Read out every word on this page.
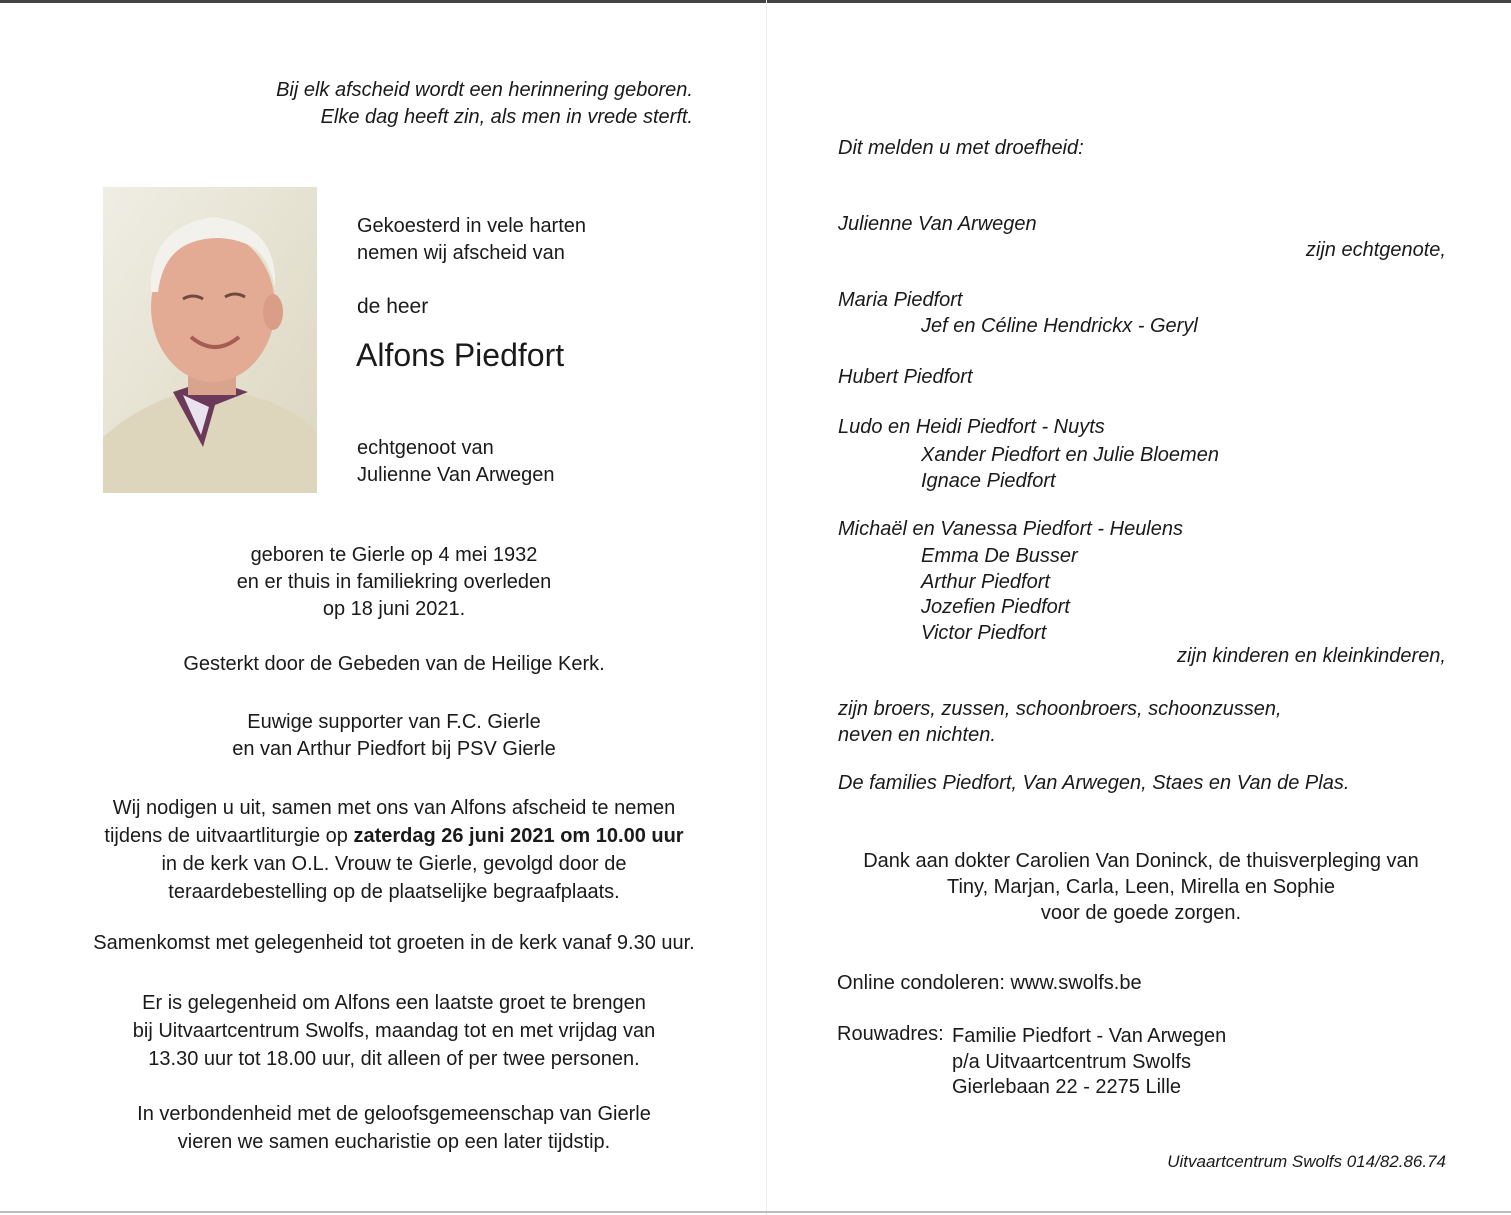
Bij elk afscheid wordt een herinnering geboren.
Elke dag heeft zin, als men in vrede sterft.
Gekoesterd in vele harten
nemen wij afscheid van
de heer
Alfons Piedfort
echtgenoot van
Julienne Van Arwegen
geboren te Gierle op 4 mei 1932
en er thuis in familiekring overleden
op 18 juni 2021.
Gesterkt door de Gebeden van de Heilige Kerk.
Euwige supporter van F.C. Gierle
en van Arthur Piedfort bij PSV Gierle
Wij nodigen u uit, samen met ons van Alfons afscheid te nemen
tijdens de uitvaartliturgie op zaterdag 26 juni 2021 om 10.00 uur
in de kerk van O.L. Vrouw te Gierle, gevolgd door de
teraardebestelling op de plaatselijke begraafplaats.
Samenkomst met gelegenheid tot groeten in de kerk vanaf 9.30 uur.
Er is gelegenheid om Alfons een laatste groet te brengen
bij Uitvaartcentrum Swolfs, maandag tot en met vrijdag van
13.30 uur tot 18.00 uur, dit alleen of per twee personen.
In verbondenheid met de geloofsgemeenschap van Gierle
vieren we samen eucharistie op een later tijdstip.
Dit melden u met droefheid:
Julienne Van Arwegen
zijn echtgenote,
Maria Piedfort
Jef en Céline Hendrickx - Geryl
Hubert Piedfort
Ludo en Heidi Piedfort - Nuyts
Xander Piedfort en Julie Bloemen
Ignace Piedfort
Michaël en Vanessa Piedfort - Heulens
Emma De Busser
Arthur Piedfort
Jozefien Piedfort
Victor Piedfort
zijn kinderen en kleinkinderen,
zijn broers, zussen, schoonbroers, schoonzussen,
neven en nichten.
De families Piedfort, Van Arwegen, Staes en Van de Plas.
Dank aan dokter Carolien Van Doninck, de thuisverpleging van
Tiny, Marjan, Carla, Leen, Mirella en Sophie
voor de goede zorgen.
Online condoleren: www.swolfs.be
Rouwadres: Familie Piedfort - Van Arwegen
p/a Uitvaartcentrum Swolfs
Gierlebaan 22 - 2275 Lille
Uitvaartcentrum Swolfs 014/82.86.74
